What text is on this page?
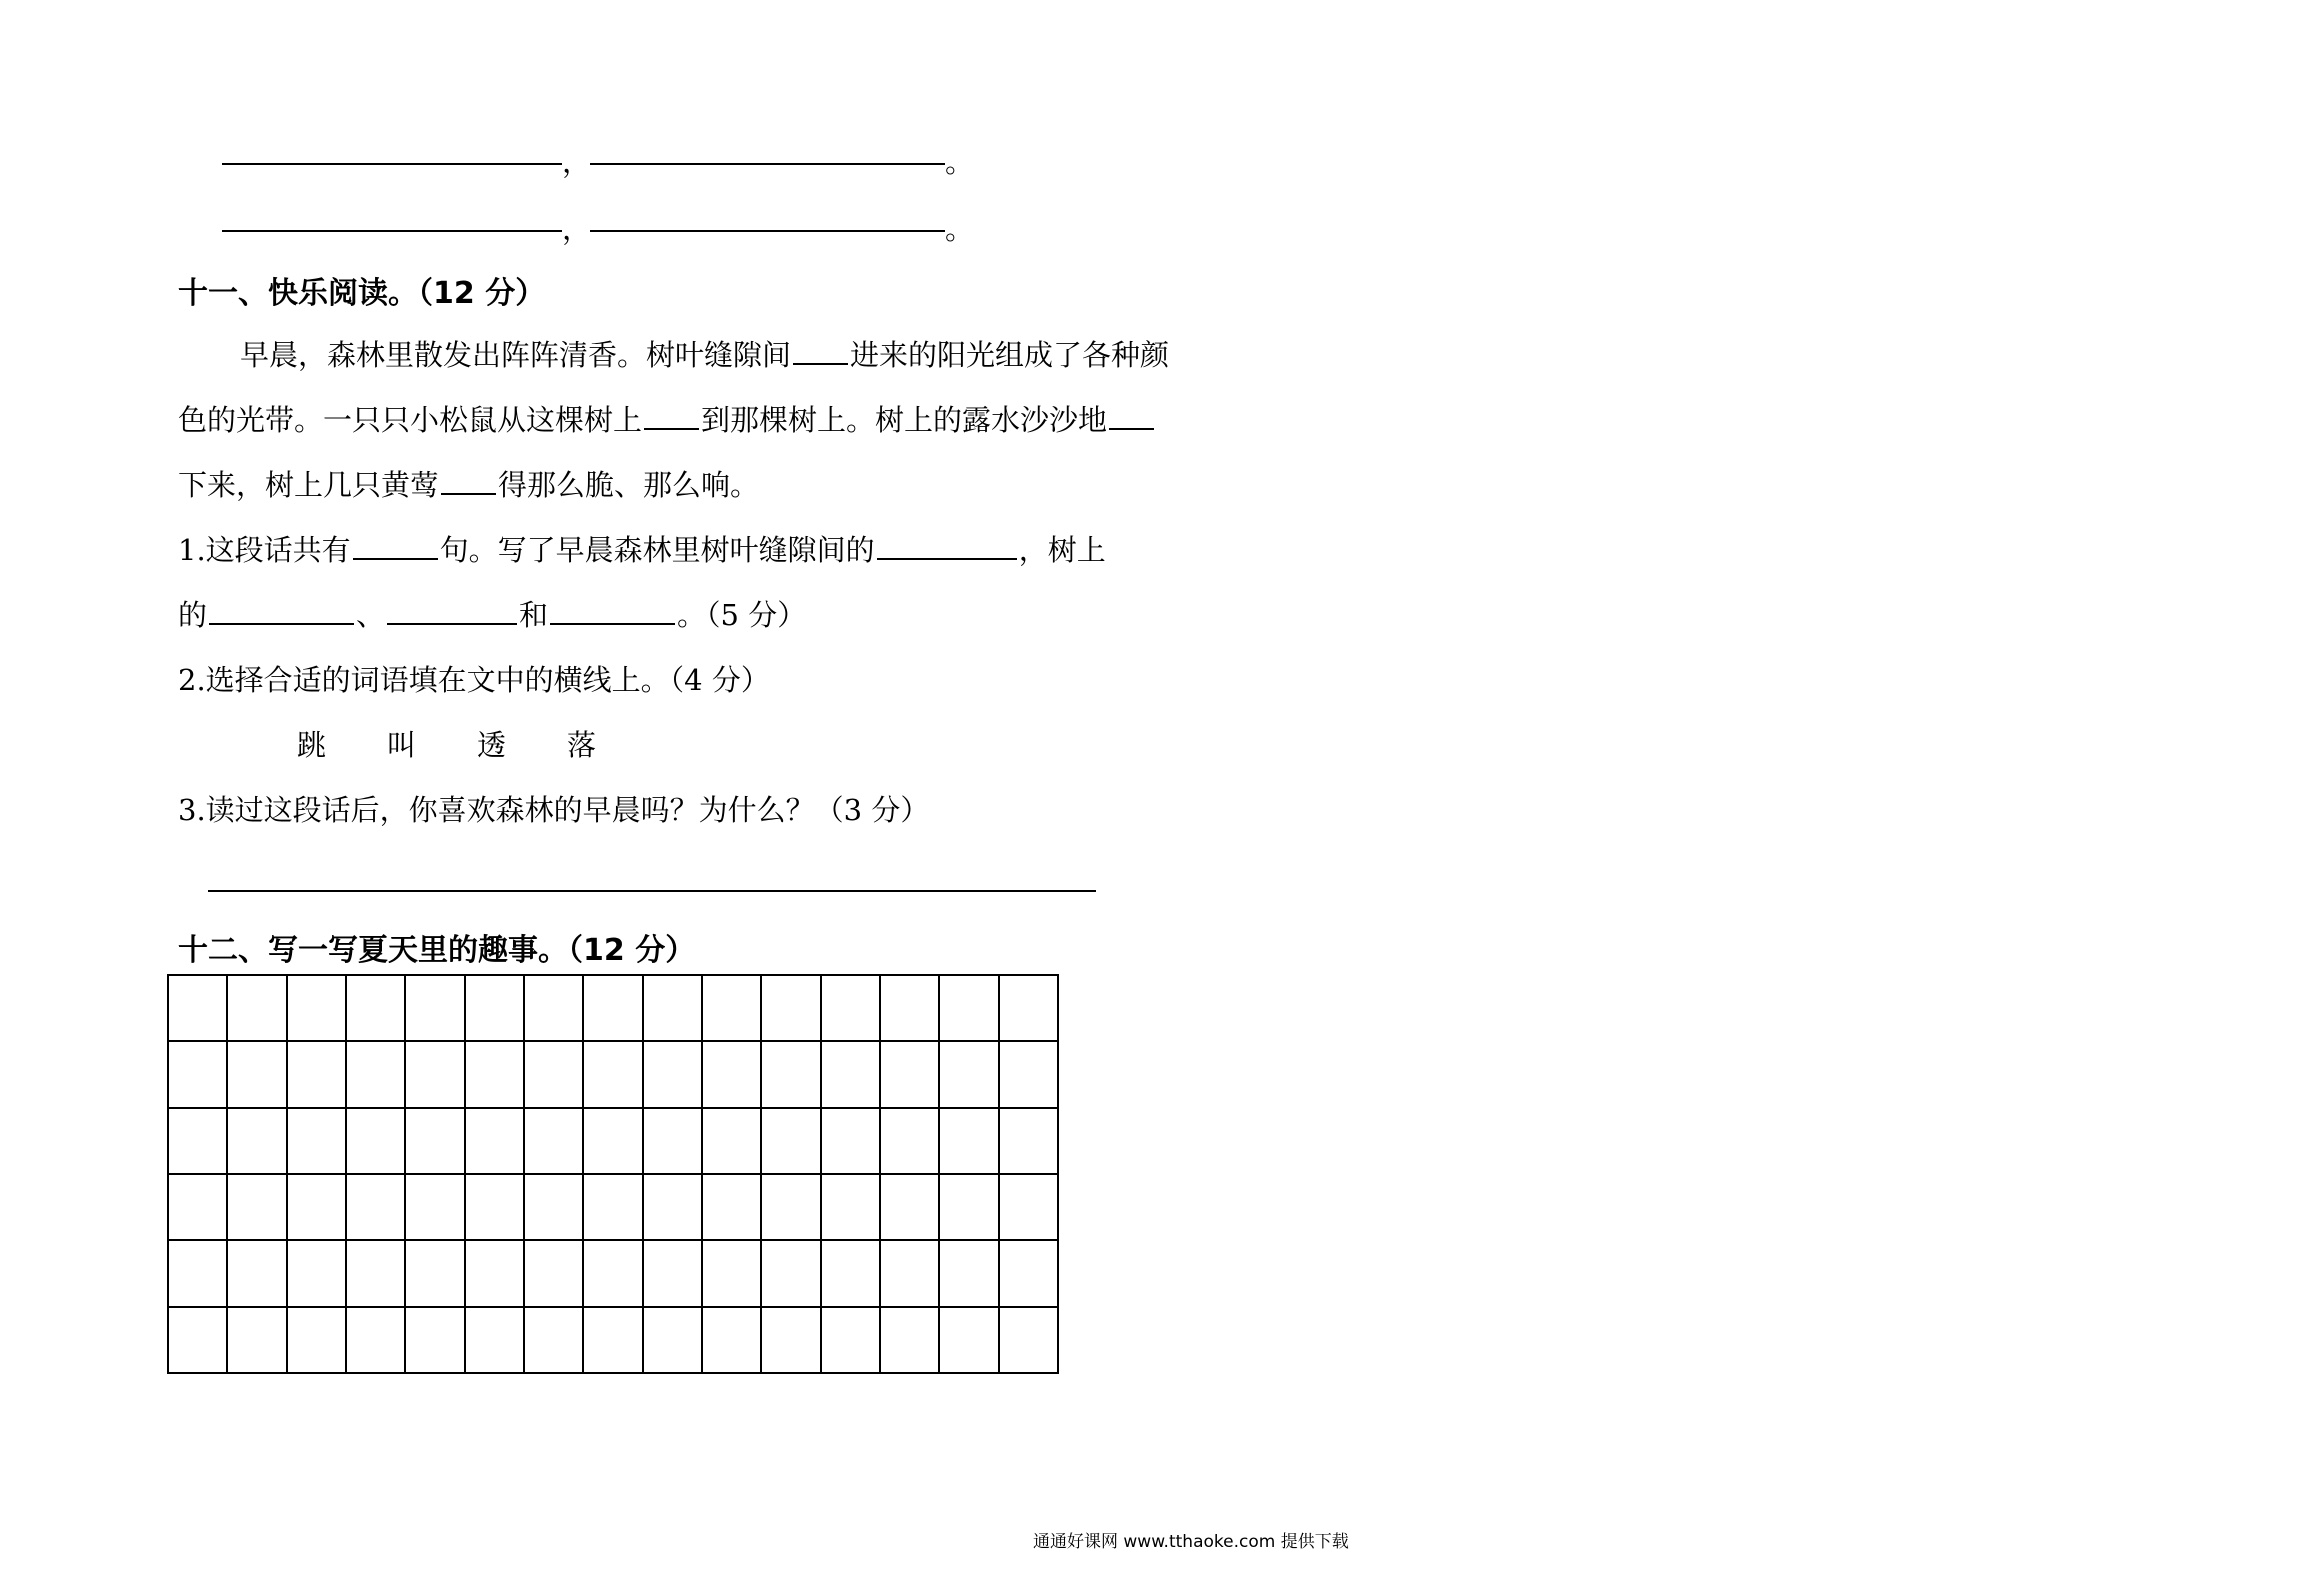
，	。
，	。
十一、快乐阅读。（12 分）
早晨，森林里散发出阵阵清香。树叶缝隙间 进来的阳光组成了各种颜
色的光带。一只只小松鼠从这棵树上 到那棵树上。树上的露水沙沙地
下来，树上几只黄莺 得那么脆、那么响。
1.这段话共有	句。写了早晨森林里树叶缝隙间的	，树上
的	、	和	。（5 分）
2.选择合适的词语填在文中的横线上。（4 分）
跳 叫 透 落
3.读过这段话后，你喜欢森林的早晨吗？为什么？（3 分）
十二、写一写夏天里的趣事。（12 分）
通通好课网 www.tthaoke.com 提供下载
